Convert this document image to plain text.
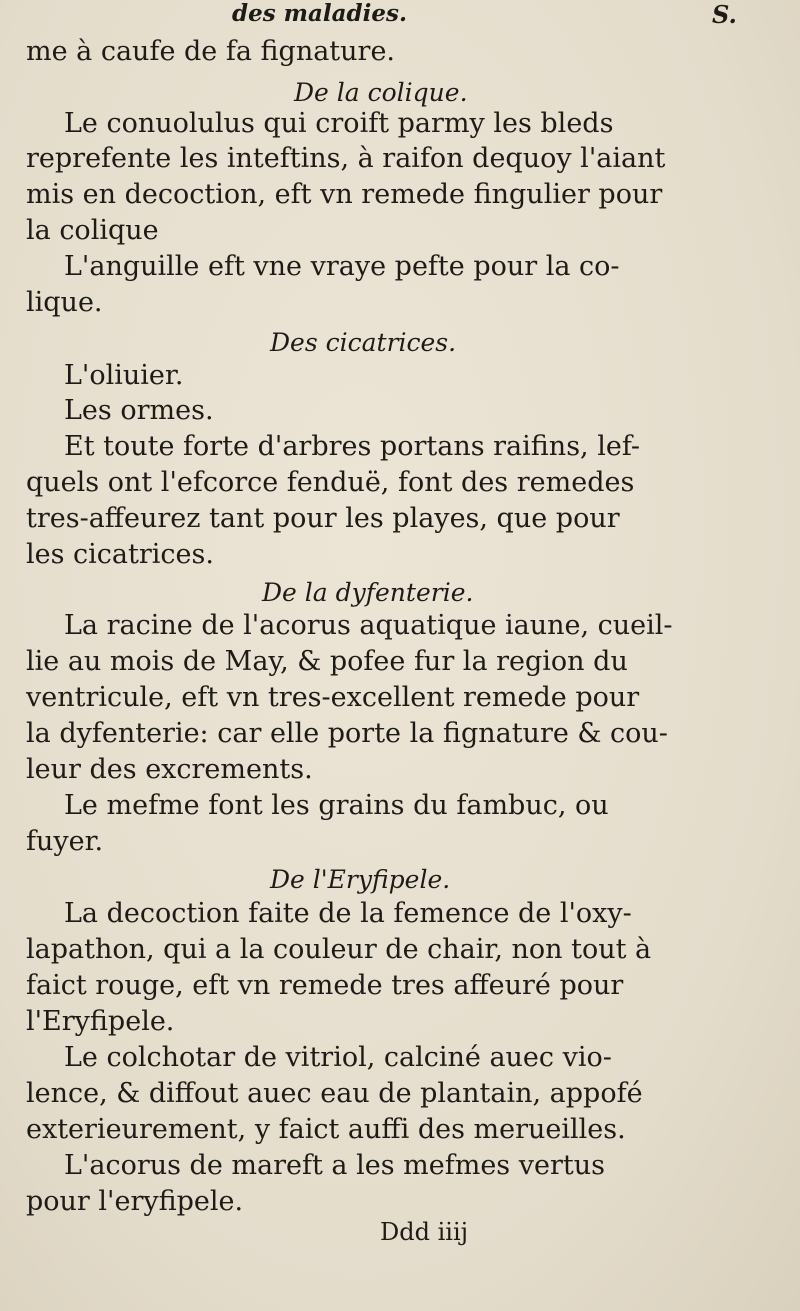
des maladies.	S.
me à caufe de fa fignature.
De la colique.
Le conuolulus qui croift parmy les bleds
reprefente les inteftins, à raifon dequoy l'aiant
mis en decoction, eft vn remede fingulier pour
la colique
L'anguille eft vne vraye pefte pour la co-
lique.
Des cicatrices.
L'oliuier.
Les ormes.
Et toute forte d'arbres portans raifins, lef-
quels ont l'efcorce fenduë, font des remedes
tres-affeurez tant pour les playes, que pour
les cicatrices.
De la dyfenterie.
La racine de l'acorus aquatique iaune, cueil-
lie au mois de May, & pofee fur la region du
ventricule, eft vn tres-excellent remede pour
la dyfenterie: car elle porte la fignature & cou-
leur des excrements.
Le mefme font les grains du fambuc, ou
fuyer.
De l'Eryfipele.
La decoction faite de la femence de l'oxy-
lapathon, qui a la couleur de chair, non tout à
faict rouge, eft vn remede tres affeuré pour
l'Eryfipele.
Le colchotar de vitriol, calciné auec vio-
lence, & diffout auec eau de plantain, appofé
exterieurement, y faict auffi des merueilles.
L'acorus de mareft a les mefmes vertus
pour l'eryfipele.
Ddd iiij
